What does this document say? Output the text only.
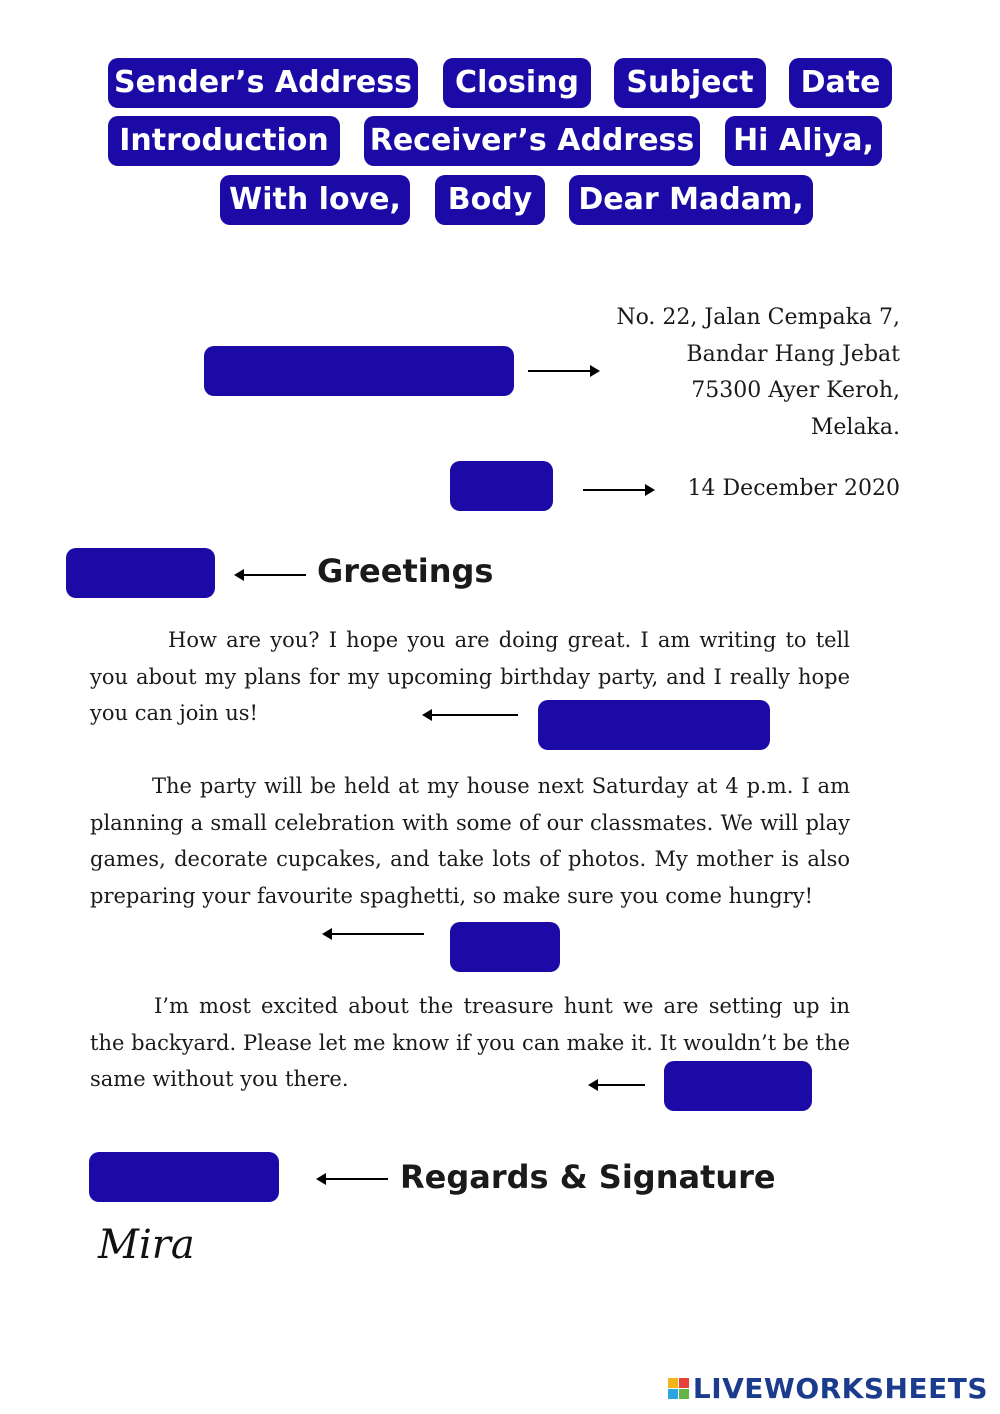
Sender’s Address	Closing	Subject	Date
Introduction	Receiver’s Address Hi Aliya,
With love,	Body	Dear Madam,
No. 22, Jalan Cempaka 7,
Bandar Hang Jebat
75300 Ayer Keroh,
Melaka.
14 December 2020
Greetings

How are you? I hope you are doing great. I am writing to tell you about my plans for my upcoming birthday party, and I really hope you can join us!

The party will be held at my house next Saturday at 4 p.m. I am planning a small celebration with some of our classmates. We will play games, decorate cupcakes, and take lots of photos. My mother is also preparing your favourite spaghetti, so make sure you come hungry!

I’m most excited about the treasure hunt we are setting up in the backyard. Please let me know if you can make it. It wouldn’t be the same without you there.

Regards & Signature
Mira
LIVEWORKSHEETS
